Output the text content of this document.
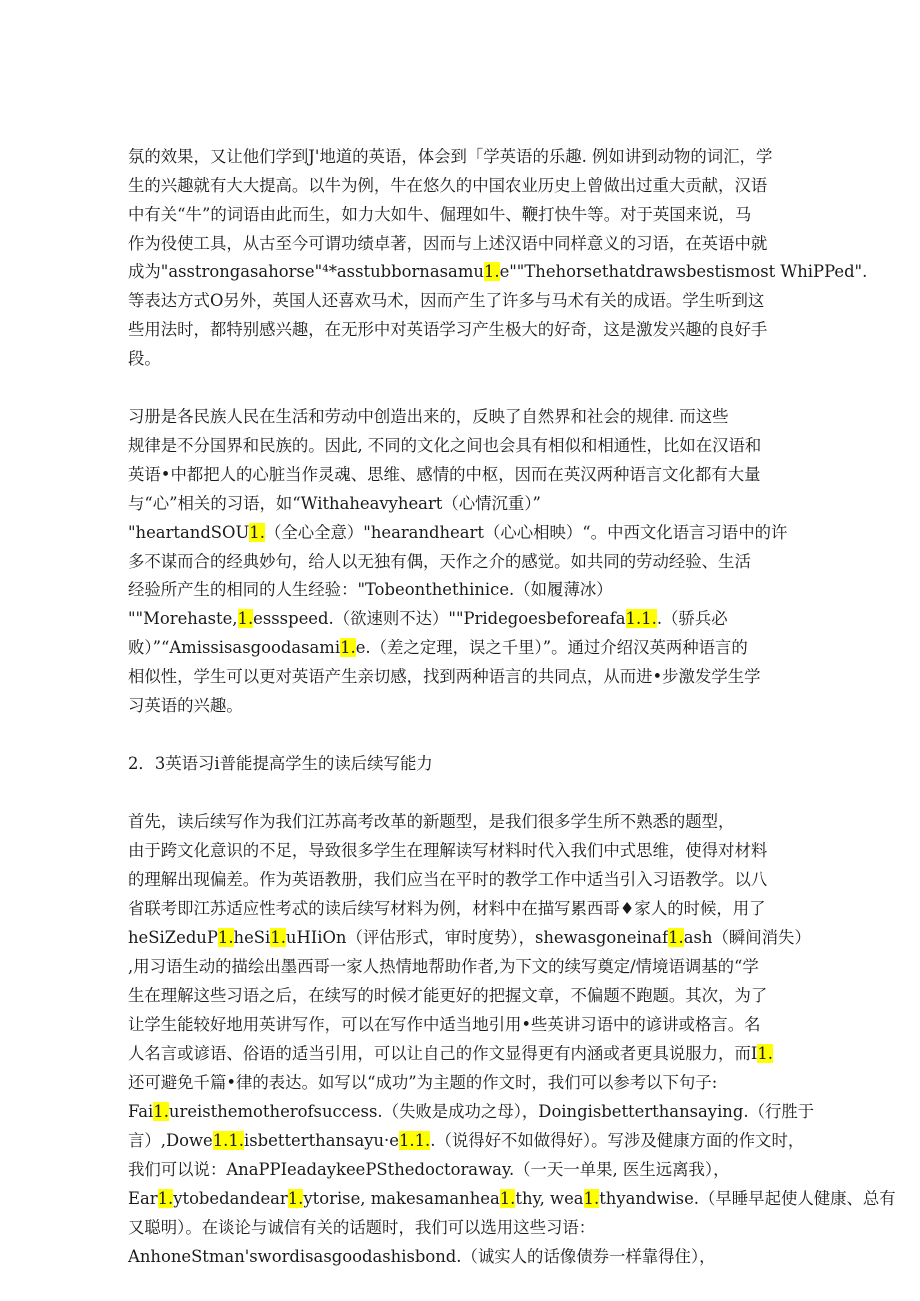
氛的效果，又让他们学到J'地道的英语，体会到「学英语的乐趣. 例如讲到动物的词汇，学
生的兴趣就有大大提高。以牛为例，牛在悠久的中国农业历史上曾做出过重大贡献，汉语
中有关“牛”的词语由此而生，如力大如牛、倔理如牛、鞭打快牛等。对于英国来说，马
作为役使工具，从古至今可谓功绩卓著，因而与上述汉语中同样意义的习语，在英语中就
成为"asstrongasahorse"⁴*asstubbornasamu1.e""Thehorsethatdrawsbestismost WhiPPed".
等表达方式O另外，英国人还喜欢马术，因而产生了许多与马术有关的成语。学生听到这
些用法时，都特别感兴趣，在无形中对英语学习产生极大的好奇，这是激发兴趣的良好手
段。
习册是各民族人民在生活和劳动中创造出来的，反映了自然界和社会的规律. 而这些
规律是不分国界和民族的。因此, 不同的文化之间也会具有相似和相通性，比如在汉语和
英语•中都把人的心脏当作灵魂、思维、感情的中枢，因而在英汉两种语言文化都有大量
与“心”相关的习语，如“Withaheavyheart（心情沉重）”
"heartandSOU1.（全心全意）"hearandheart（心心相映）“。中西文化语言习语中的许
多不谋而合的经典妙句，给人以无独有偶，天作之介的感觉。如共同的劳动经验、生活
经验所产生的相同的人生经验："Tobeonthethinice.（如履薄冰）
""Morehaste,1.essspeed.（欲速则不达）""Pridegoesbeforeafa1.1..（骄兵必
败）”“Amissisasgoodasami1.e.（差之定理，误之千里）”。通过介绍汉英两种语言的
相似性，学生可以更对英语产生亲切感，找到两种语言的共同点，从而进•步激发学生学
习英语的兴趣。
2．3英语习i普能提高学生的读后续写能力
首先，读后续写作为我们江苏高考改革的新题型，是我们很多学生所不熟悉的题型，
由于跨文化意识的不足，导致很多学生在理解读写材料时代入我们中式思维，使得对材料
的理解出现偏差。作为英语教册，我们应当在平时的教学工作中适当引入习语教学。以八
省联考即江苏适应性考忒的读后续写材料为例，材料中在描写累西哥♦家人的时候，用了
heSiZeduP1.heSi1.uHIiOn（评估形式，审时度势），shewasgoneinaf1.ash（瞬间消失）
,用习语生动的描绘出墨西哥一家人热情地帮助作者,为下文的续写奠定/情境语调基的“学
生在理解这些习语之后，在续写的时候才能更好的把握文章，不偏题不跑题。其次，为了
让学生能较好地用英讲写作，可以在写作中适当地引用•些英讲习语中的谚讲或格言。名
人名言或谚语、俗语的适当引用，可以让自己的作文显得更有内涵或者更具说服力，而I1.
还可避免千篇•律的表达。如写以“成功”为主题的作文时，我们可以参考以下句子:
Fai1.ureisthemotherofsuccess.（失败是成功之母），Doingisbetterthansaying.（行胜于
言）,Dowe1.1.isbetterthansayu·e1.1..（说得好不如做得好）。写涉及健康方面的作文时，
我们可以说：AnaPPIeadaykeePSthedoctoraway.（一天一单果, 医生远离我），
Ear1.ytobedandear1.ytorise, makesamanhea1.thy, wea1.thyandwise.（早睡早起使人健康、总有
又聪明）。在谈论与诚信有关的话题时，我们可以选用这些习语：
AnhoneStman'swordisasgoodashisbond.（诚实人的话像债券一样靠得住），
